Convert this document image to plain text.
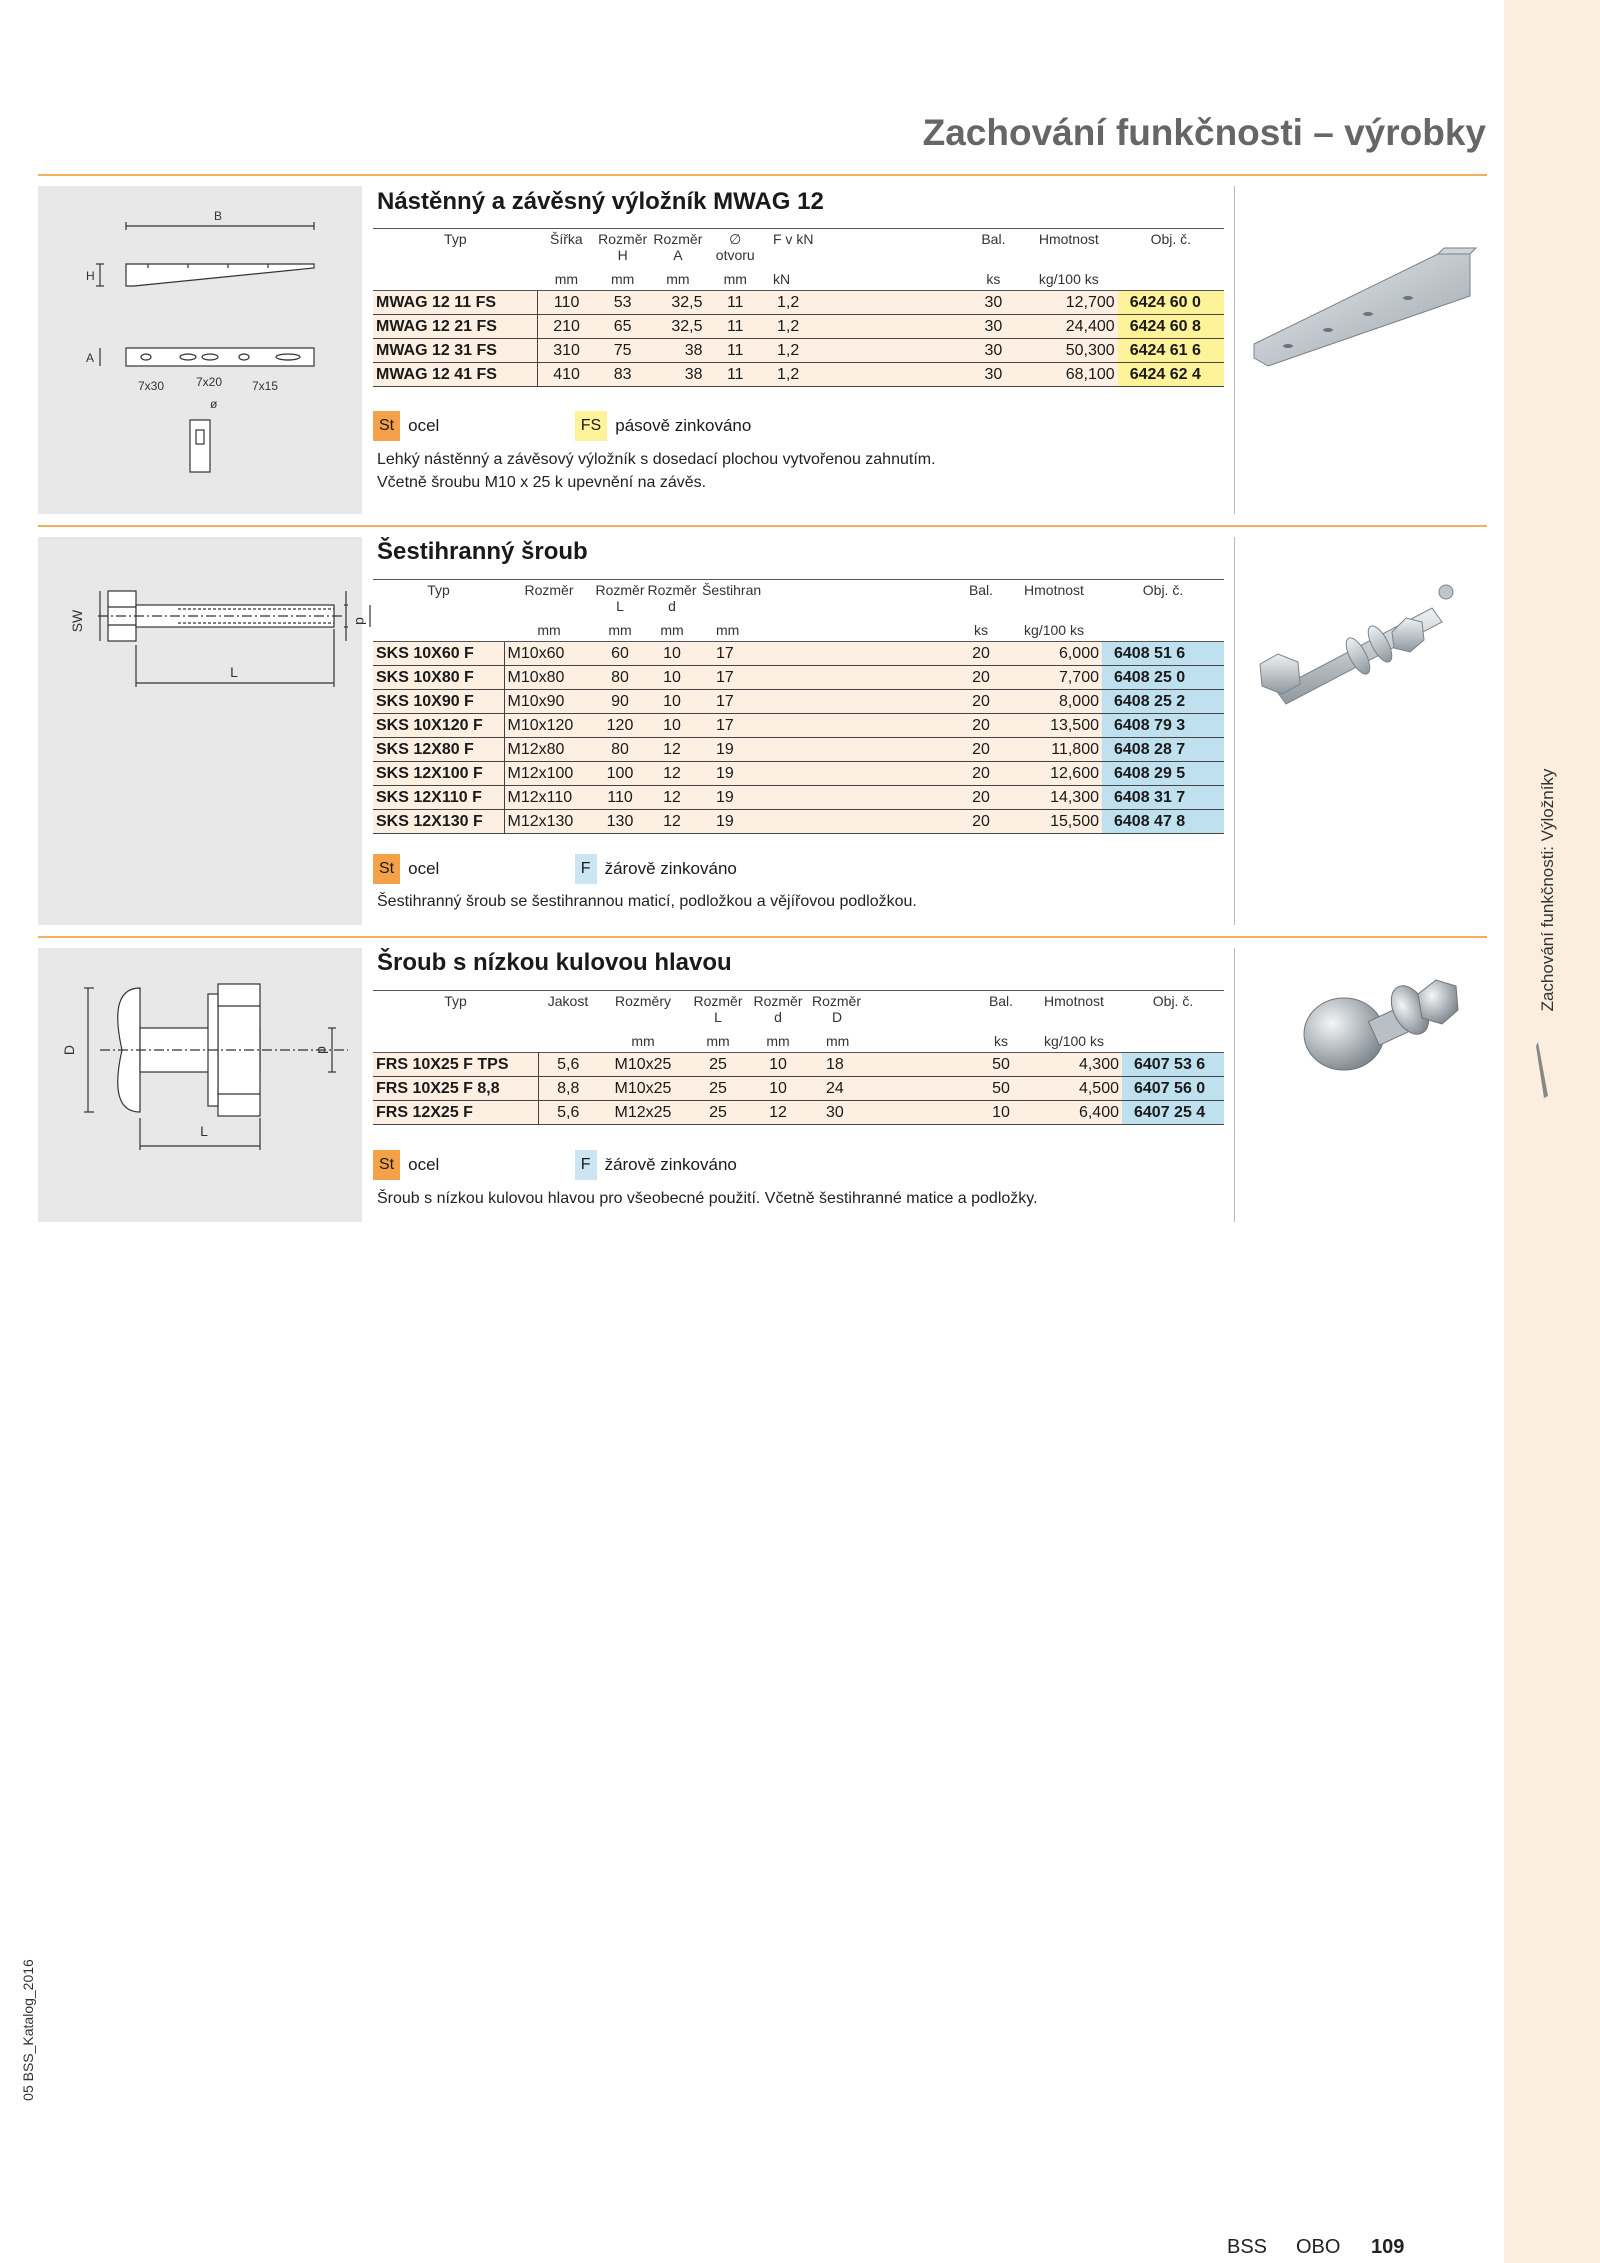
Zachování funkčnosti: Výložníky
Zachování funkčnosti – výrobky
B
H
A
7x30	7x20 7x15
ø
Nástěnný a závěsný výložník MWAG 12
Typ	Šířka	Rozměr
H	Rozměr
A	∅
otvoru	F v kN	Bal.	Hmotnost	Obj. č.
	mm	mm	mm	mm	kN	ks	kg/100 ks	
MWAG 12 11 FS	110	53	32,5	11	1,2	30	12,700	6424 60 0
MWAG 12 21 FS	210	65	32,5	11	1,2	30	24,400	6424 60 8
MWAG 12 31 FS	310	75	38	11	1,2	30	50,300	6424 61 6
MWAG 12 41 FS	410	83	38	11	1,2	30	68,100	6424 62 4
St ocel	FS pásově zinkováno
Lehký nástěnný a závěsový výložník s dosedací plochou vytvořenou zahnutím.
Včetně šroubu M10 x 25 k upevnění na závěs.
SW
L
d
Šestihranný šroub
Typ	Rozměr	Rozměr
L	Rozměr
d	Šestihran	Bal.	Hmotnost	Obj. č.
	mm	mm	mm	mm	ks	kg/100 ks	
SKS 10X60 F	M10x60	60	10	17	20	6,000	6408 51 6
SKS 10X80 F	M10x80	80	10	17	20	7,700	6408 25 0
SKS 10X90 F	M10x90	90	10	17	20	8,000	6408 25 2
SKS 10X120 F	M10x120	120	10	17	20	13,500	6408 79 3
SKS 12X80 F	M12x80	80	12	19	20	11,800	6408 28 7
SKS 12X100 F	M12x100	100	12	19	20	12,600	6408 29 5
SKS 12X110 F	M12x110	110	12	19	20	14,300	6408 31 7
SKS 12X130 F	M12x130	130	12	19	20	15,500	6408 47 8
St ocel	F žárově zinkováno
Šestihranný šroub se šestihrannou maticí, podložkou a vějířovou podložkou.
D
L
d
Šroub s nízkou kulovou hlavou
Typ	Jakost	Rozměry	Rozměr
L	Rozměr
d	Rozměr
D	Bal.	Hmotnost	Obj. č.
		mm	mm	mm	mm	ks	kg/100 ks	
FRS 10X25 F TPS	5,6	M10x25	25	10	18	50	4,300	6407 53 6
FRS 10X25 F 8,8	8,8	M10x25	25	10	24	50	4,500	6407 56 0
FRS 12X25 F	5,6	M12x25	25	12	30	10	6,400	6407 25 4
St ocel	F žárově zinkováno
Šroub s nízkou kulovou hlavou pro všeobecné použití. Včetně šestihranné matice a podložky.
05 BSS_Katalog_2016
BSS OBO 109
